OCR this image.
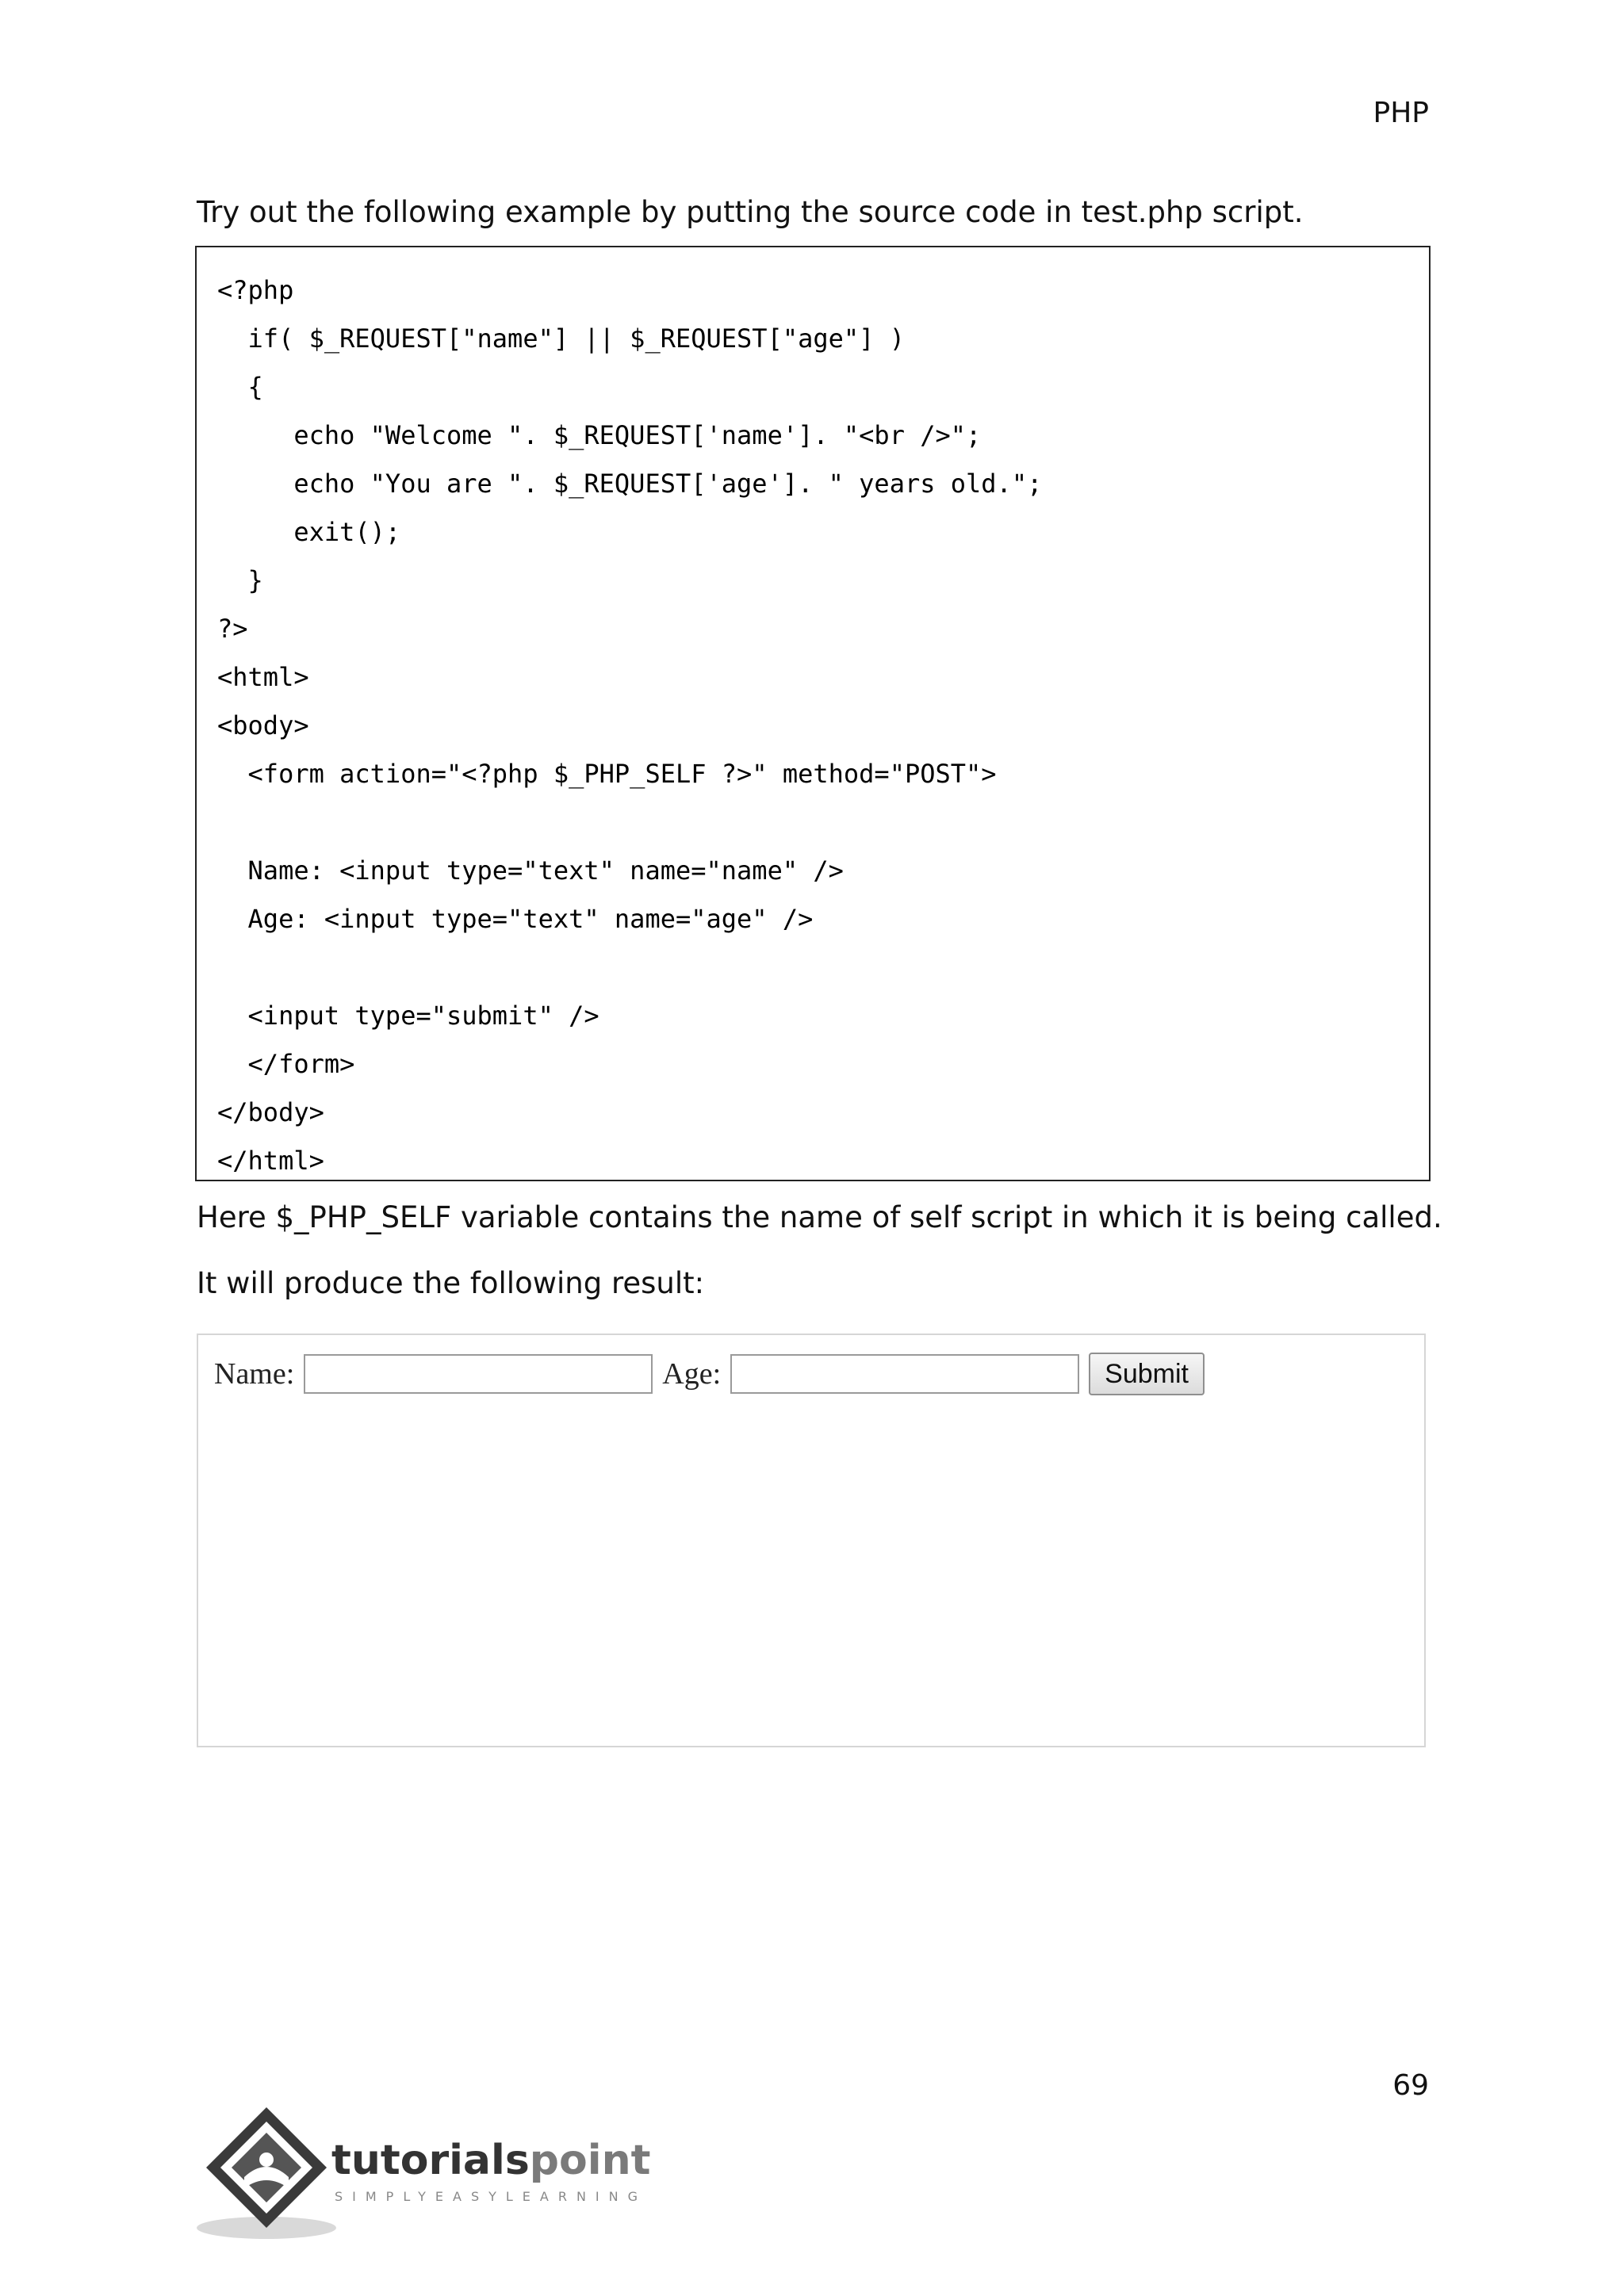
PHP
Try out the following example by putting the source code in test.php script.
<?php
if( $_REQUEST["name"] || $_REQUEST["age"] )
{
echo "Welcome ". $_REQUEST['name']. "<br />";
echo "You are ". $_REQUEST['age']. " years old.";
exit();
}
?>
<html>
<body>
<form action="<?php $_PHP_SELF ?>" method="POST">
Name: <input type="text" name="name" />
Age: <input type="text" name="age" />
<input type="submit" />
</form>
</body>
</html>
Here $_PHP_SELF variable contains the name of self script in which it is being called.
It will produce the following result:
Name:	Age:	Submit
69
tutorialspoint
SIMPLYEASYLEARNING
